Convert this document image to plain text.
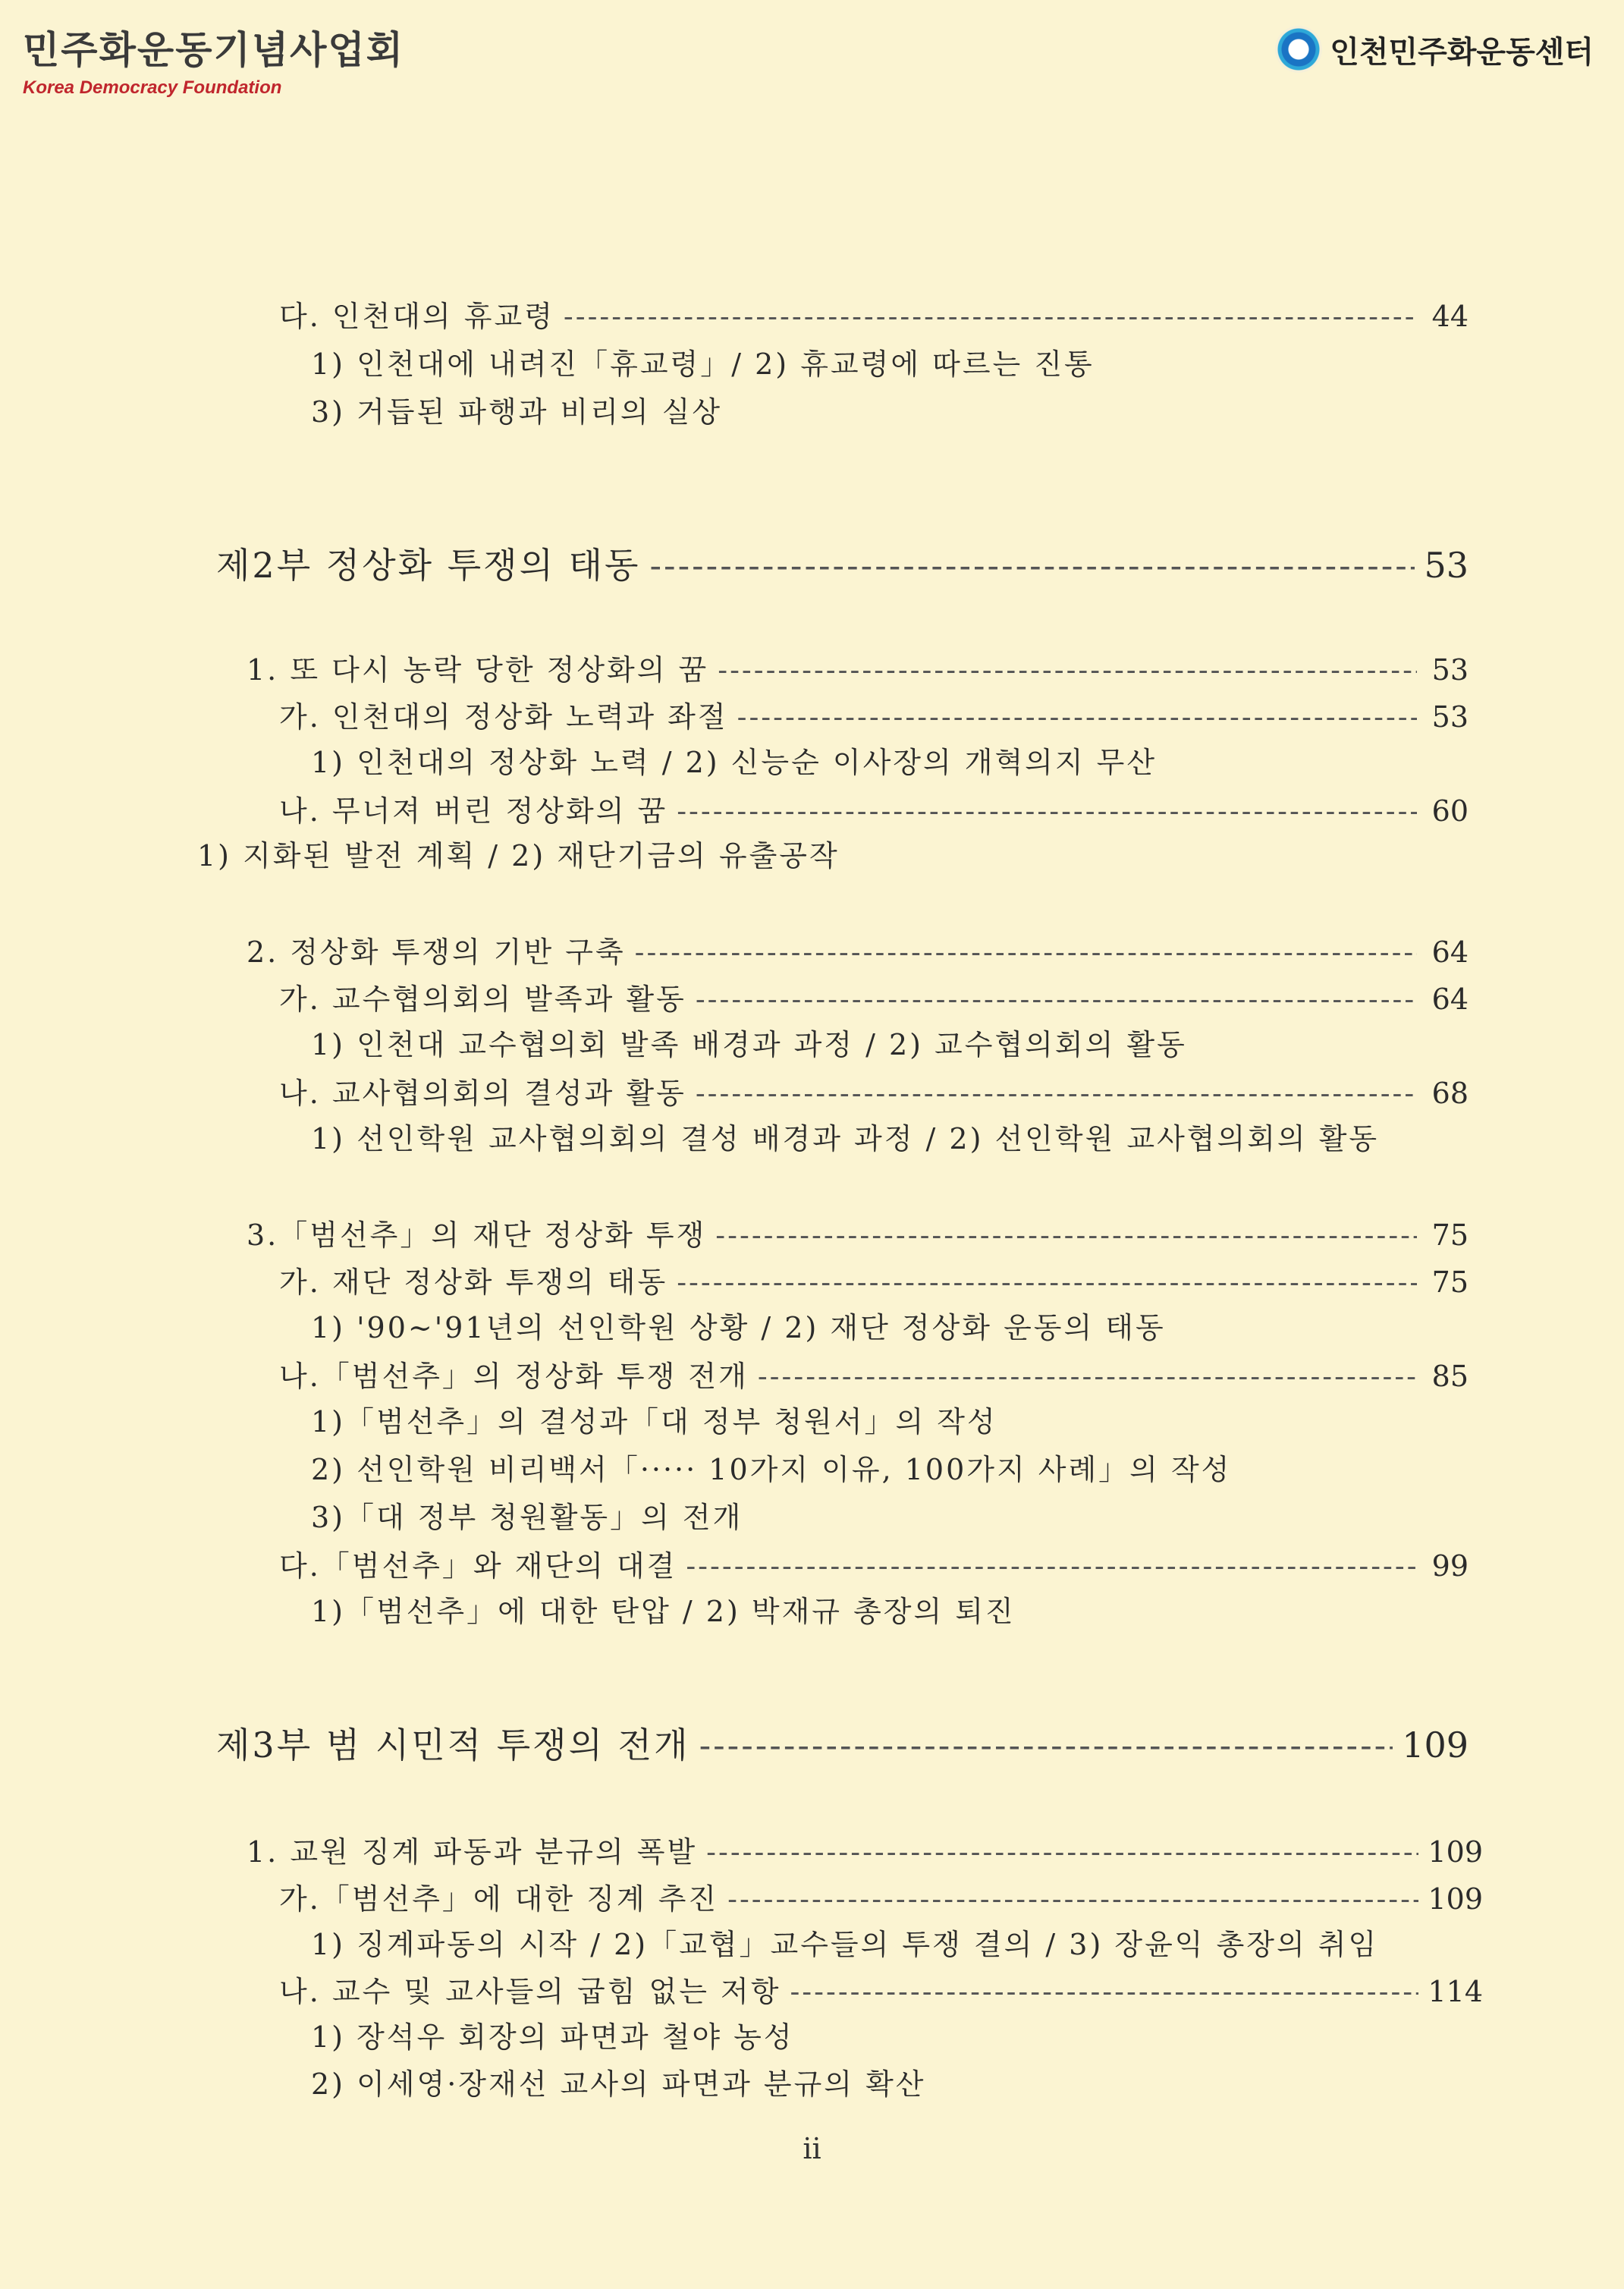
민주화운동기념사업회
Korea Democracy Foundation
인천민주화운동센터
다. 인천대의 휴교령 -----	44
1) 인천대에 내려진「휴교령」/ 2) 휴교령에 따르는 진통
3) 거듭된 파행과 비리의 실상
제2부 정상화 투쟁의 태동 -----	53
1. 또 다시 농락 당한 정상화의 꿈 -----	53
가. 인천대의 정상화 노력과 좌절 -----	53
1) 인천대의 정상화 노력 / 2) 신능순 이사장의 개혁의지 무산
나. 무너져 버린 정상화의 꿈 -----	60
1) 지화된 발전 계획 / 2) 재단기금의 유출공작
2. 정상화 투쟁의 기반 구축 -----	64
가. 교수협의회의 발족과 활동 -----	64
1) 인천대 교수협의회 발족 배경과 과정 / 2) 교수협의회의 활동
나. 교사협의회의 결성과 활동 -----	68
1) 선인학원 교사협의회의 결성 배경과 과정 / 2) 선인학원 교사협의회의 활동
3.「범선추」의 재단 정상화 투쟁 -----	75
가. 재단 정상화 투쟁의 태동 -----	75
1) '90∼'91년의 선인학원 상황 / 2) 재단 정상화 운동의 태동
나.「범선추」의 정상화 투쟁 전개 -----	85
1)「범선추」의 결성과「대 정부 청원서」의 작성
2) 선인학원 비리백서「····· 10가지 이유, 100가지 사례」의 작성
3)「대 정부 청원활동」의 전개
다.「범선추」와 재단의 대결 -----	99
1)「범선추」에 대한 탄압 / 2) 박재규 총장의 퇴진
제3부 범 시민적 투쟁의 전개 -----	109
1. 교원 징계 파동과 분규의 폭발 -----	109
가.「범선추」에 대한 징계 추진 -----	109
1) 징계파동의 시작 / 2)「교협」교수들의 투쟁 결의 / 3) 장윤익 총장의 취임
나. 교수 및 교사들의 굽힘 없는 저항 -----	114
1) 장석우 회장의 파면과 철야 농성
2) 이세영·장재선 교사의 파면과 분규의 확산
ii
